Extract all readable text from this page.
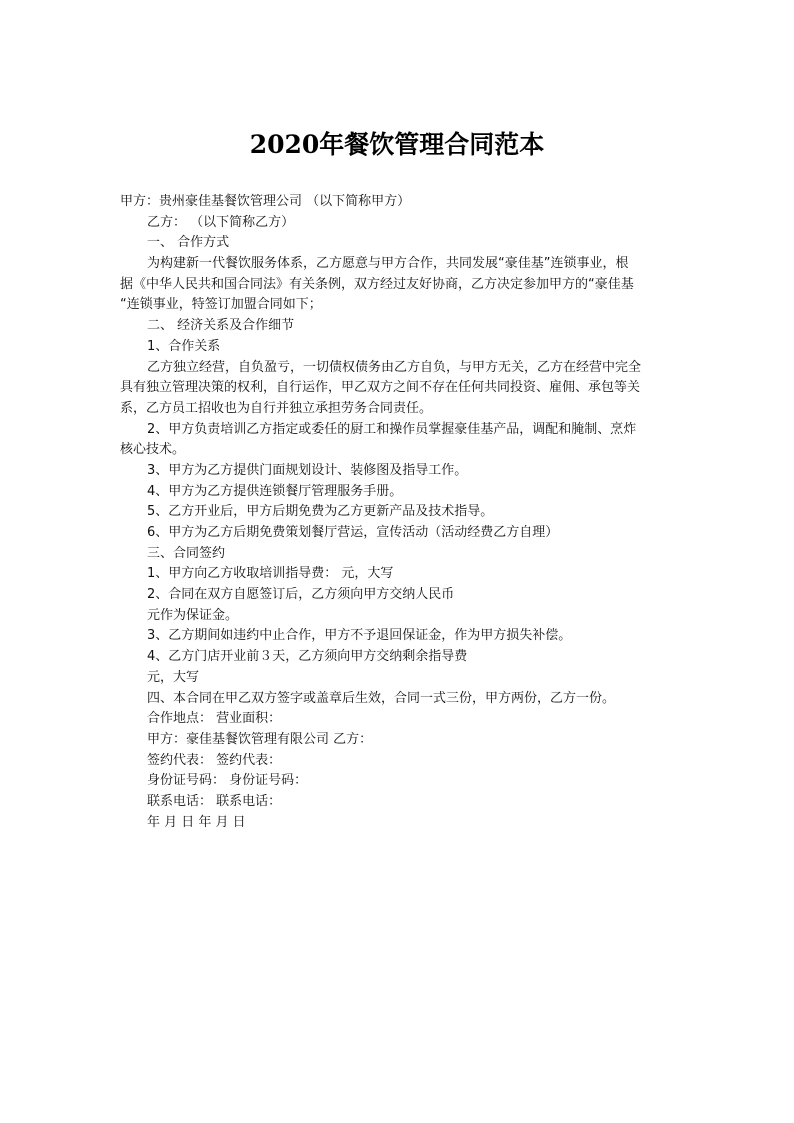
2020年餐饮管理合同范本
甲方：贵州豪佳基餐饮管理公司 （以下简称甲方）
乙方： （以下简称乙方）
一、 合作方式
为构建新一代餐饮服务体系，乙方愿意与甲方合作，共同发展“豪佳基”连锁事业，根
据《中华人民共和国合同法》有关条例，双方经过友好协商，乙方决定参加甲方的“豪佳基
“连锁事业，特签订加盟合同如下；
二、 经济关系及合作细节
1、合作关系
乙方独立经营，自负盈亏，一切债权债务由乙方自负，与甲方无关，乙方在经营中完全
具有独立管理决策的权利，自行运作，甲乙双方之间不存在任何共同投资、雇佣、承包等关
系，乙方员工招收也为自行并独立承担劳务合同责任。
2、甲方负责培训乙方指定或委任的厨工和操作员掌握豪佳基产品，调配和腌制、烹炸
核心技术。
3、甲方为乙方提供门面规划设计、装修图及指导工作。
4、甲方为乙方提供连锁餐厅管理服务手册。
5、乙方开业后，甲方后期免费为乙方更新产品及技术指导。
6、甲方为乙方后期免费策划餐厅营运，宣传活动（活动经费乙方自理）
三、合同签约
1、甲方向乙方收取培训指导费： 元，大写
2、合同在双方自愿签订后，乙方须向甲方交纳人民币
元作为保证金。
3、乙方期间如违约中止合作，甲方不予退回保证金，作为甲方损失补偿。
4、乙方门店开业前３天，乙方须向甲方交纳剩余指导费
元，大写
四、本合同在甲乙双方签字或盖章后生效，合同一式三份，甲方两份，乙方一份。
合作地点： 营业面积：
甲方：豪佳基餐饮管理有限公司 乙方：
签约代表： 签约代表：
身份证号码： 身份证号码：
联系电话： 联系电话：
年 月 日 年 月 日
